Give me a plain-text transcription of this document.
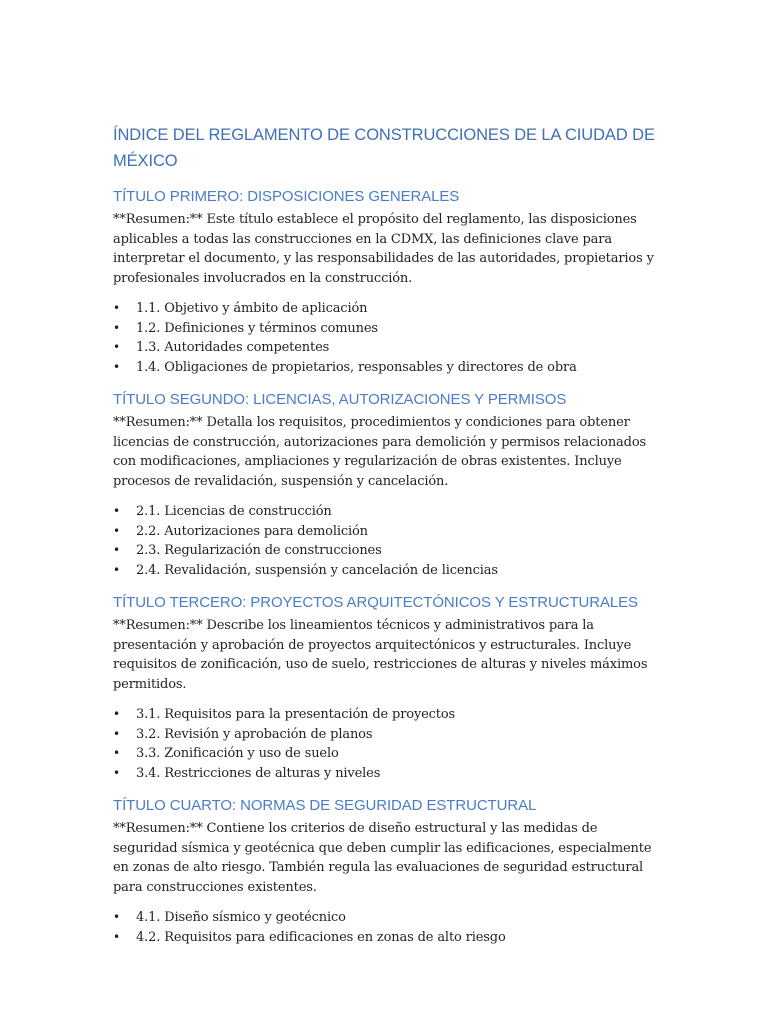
ÍNDICE DEL REGLAMENTO DE CONSTRUCCIONES DE LA CIUDAD DE MÉXICO
TÍTULO PRIMERO: DISPOSICIONES GENERALES

**Resumen:** Este título establece el propósito del reglamento, las disposiciones aplicables a todas las construcciones en la CDMX, las definiciones clave para interpretar el documento, y las responsabilidades de las autoridades, propietarios y profesionales involucrados en la construcción.

• 1.1. Objetivo y ámbito de aplicación
• 1.2. Definiciones y términos comunes
• 1.3. Autoridades competentes
• 1.4. Obligaciones de propietarios, responsables y directores de obra
TÍTULO SEGUNDO: LICENCIAS, AUTORIZACIONES Y PERMISOS

**Resumen:** Detalla los requisitos, procedimientos y condiciones para obtener licencias de construcción, autorizaciones para demolición y permisos relacionados con modificaciones, ampliaciones y regularización de obras existentes. Incluye procesos de revalidación, suspensión y cancelación.

• 2.1. Licencias de construcción
• 2.2. Autorizaciones para demolición
• 2.3. Regularización de construcciones
• 2.4. Revalidación, suspensión y cancelación de licencias
TÍTULO TERCERO: PROYECTOS ARQUITECTÓNICOS Y ESTRUCTURALES

**Resumen:** Describe los lineamientos técnicos y administrativos para la presentación y aprobación de proyectos arquitectónicos y estructurales. Incluye requisitos de zonificación, uso de suelo, restricciones de alturas y niveles máximos permitidos.

• 3.1. Requisitos para la presentación de proyectos
• 3.2. Revisión y aprobación de planos
• 3.3. Zonificación y uso de suelo
• 3.4. Restricciones de alturas y niveles
TÍTULO CUARTO: NORMAS DE SEGURIDAD ESTRUCTURAL

**Resumen:** Contiene los criterios de diseño estructural y las medidas de seguridad sísmica y geotécnica que deben cumplir las edificaciones, especialmente en zonas de alto riesgo. También regula las evaluaciones de seguridad estructural para construcciones existentes.

• 4.1. Diseño sísmico y geotécnico
• 4.2. Requisitos para edificaciones en zonas de alto riesgo
